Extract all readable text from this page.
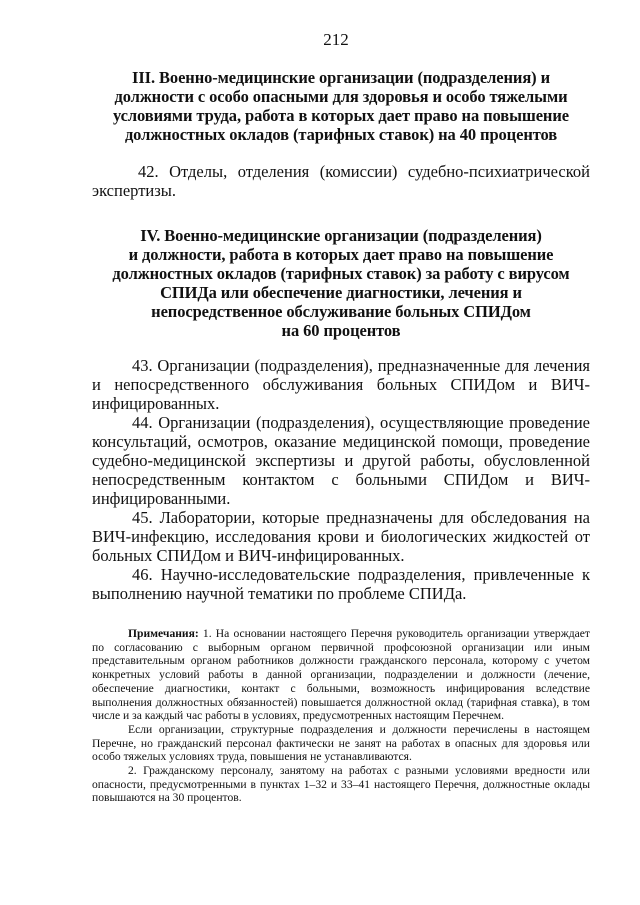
212
III. Военно-медицинские организации (подразделения) и
должности с особо опасными для здоровья и особо тяжелыми
условиями труда, работа в которых дает право на повышение
должностных окладов (тарифных ставок) на 40 процентов

42. Отделы, отделения (комиссии) судебно-психиатрической экспертизы.

IV. Военно-медицинские организации (подразделения)
и должности, работа в которых дает право на повышение
должностных окладов (тарифных ставок) за работу с вирусом
СПИДа или обеспечение диагностики, лечения и
непосредственное обслуживание больных СПИДом
на 60 процентов

43. Организации (подразделения), предназначенные для лечения и непосредственного обслуживания больных СПИДом и ВИЧ-инфицированных.

44. Организации (подразделения), осуществляющие проведение консультаций, осмотров, оказание медицинской помощи, проведение судебно-медицинской экспертизы и другой работы, обусловленной непосредственным контактом с больными СПИДом и ВИЧ-инфицированными.

45. Лаборатории, которые предназначены для обследования на ВИЧ-инфекцию, исследования крови и биологических жидкостей от больных СПИДом и ВИЧ-инфицированных.

46. Научно-исследовательские подразделения, привлеченные к выполнению научной тематики по проблеме СПИДа.

Примечания: 1. На основании настоящего Перечня руководитель организации утверждает по согласованию с выборным органом первичной профсоюзной организации или иным представительным органом работников должности гражданского персонала, которому с учетом конкретных условий работы в данной организации, подразделении и должности (лечение, обеспечение диагностики, контакт с больными, возможность инфицирования вследствие выполнения должностных обязанностей) повышается должностной оклад (тарифная ставка), в том числе и за каждый час работы в условиях, предусмотренных настоящим Перечнем.

Если организации, структурные подразделения и должности перечислены в настоящем Перечне, но гражданский персонал фактически не занят на работах в опасных для здоровья или особо тяжелых условиях труда, повышения не устанавливаются.

2. Гражданскому персоналу, занятому на работах с разными условиями вредности или опасности, предусмотренными в пунктах 1–32 и 33–41 настоящего Перечня, должностные оклады повышаются на 30 процентов.
